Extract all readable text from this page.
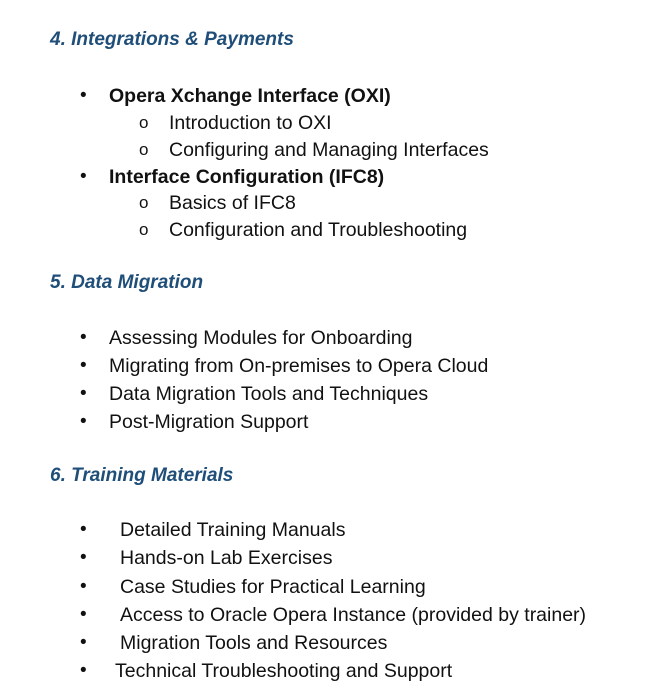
4. Integrations & Payments
• Opera Xchange Interface (OXI)
o Introduction to OXI
o Configuring and Managing Interfaces
• Interface Configuration (IFC8)
o Basics of IFC8
o Configuration and Troubleshooting
5. Data Migration
• Assessing Modules for Onboarding
• Migrating from On-premises to Opera Cloud
• Data Migration Tools and Techniques
• Post-Migration Support
6. Training Materials
• Detailed Training Manuals
• Hands-on Lab Exercises
• Case Studies for Practical Learning
• Access to Oracle Opera Instance (provided by trainer)
• Migration Tools and Resources
• Technical Troubleshooting and Support
